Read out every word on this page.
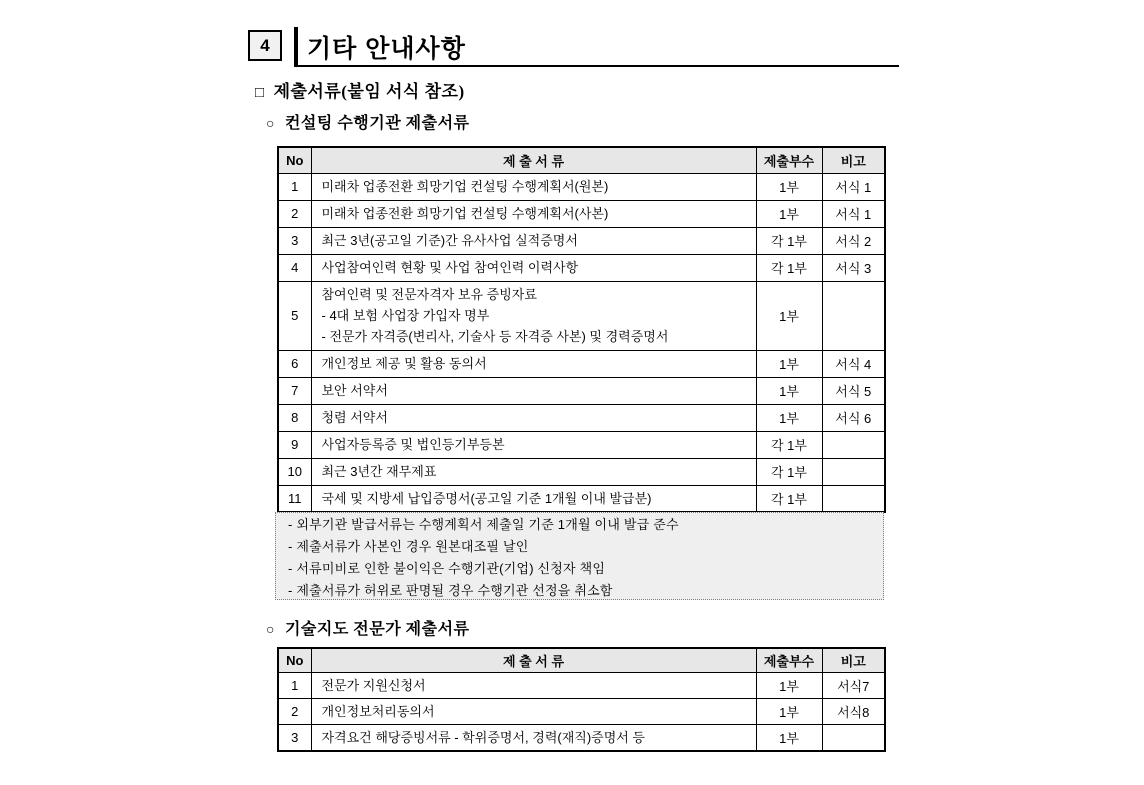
4	기타 안내사항
□ 제출서류(붙임 서식 참조)
○ 컨설팅 수행기관 제출서류
No	제 출 서 류	제출부수	비고
1	미래차 업종전환 희망기업 컨설팅 수행계획서(원본)	1부	서식 1
2	미래차 업종전환 희망기업 컨설팅 수행계획서(사본)	1부	서식 1
3	최근 3년(공고일 기준)간 유사사업 실적증명서	각 1부	서식 2
4	사업참여인력 현황 및 사업 참여인력 이력사항	각 1부	서식 3
5	참여인력 및 전문자격자 보유 증빙자료
- 4대 보험 사업장 가입자 명부
- 전문가 자격증(변리사, 기술사 등 자격증 사본) 및 경력증명서	1부	
6	개인정보 제공 및 활용 동의서	1부	서식 4
7	보안 서약서	1부	서식 5
8	청렴 서약서	1부	서식 6
9	사업자등록증 및 법인등기부등본	각 1부	
10	최근 3년간 재무제표	각 1부	
11	국세 및 지방세 납입증명서(공고일 기준 1개월 이내 발급분)	각 1부	
- 외부기관 발급서류는 수행계획서 제출일 기준 1개월 이내 발급 준수
- 제출서류가 사본인 경우 원본대조필 날인
- 서류미비로 인한 불이익은 수행기관(기업) 신청자 책임
- 제출서류가 허위로 판명될 경우 수행기관 선정을 취소함
○ 기술지도 전문가 제출서류
No	제 출 서 류	제출부수	비고
1	전문가 지원신청서	1부	서식7
2	개인정보처리동의서	1부	서식8
3	자격요건 해당증빙서류 - 학위증명서, 경력(재직)증명서 등	1부	
